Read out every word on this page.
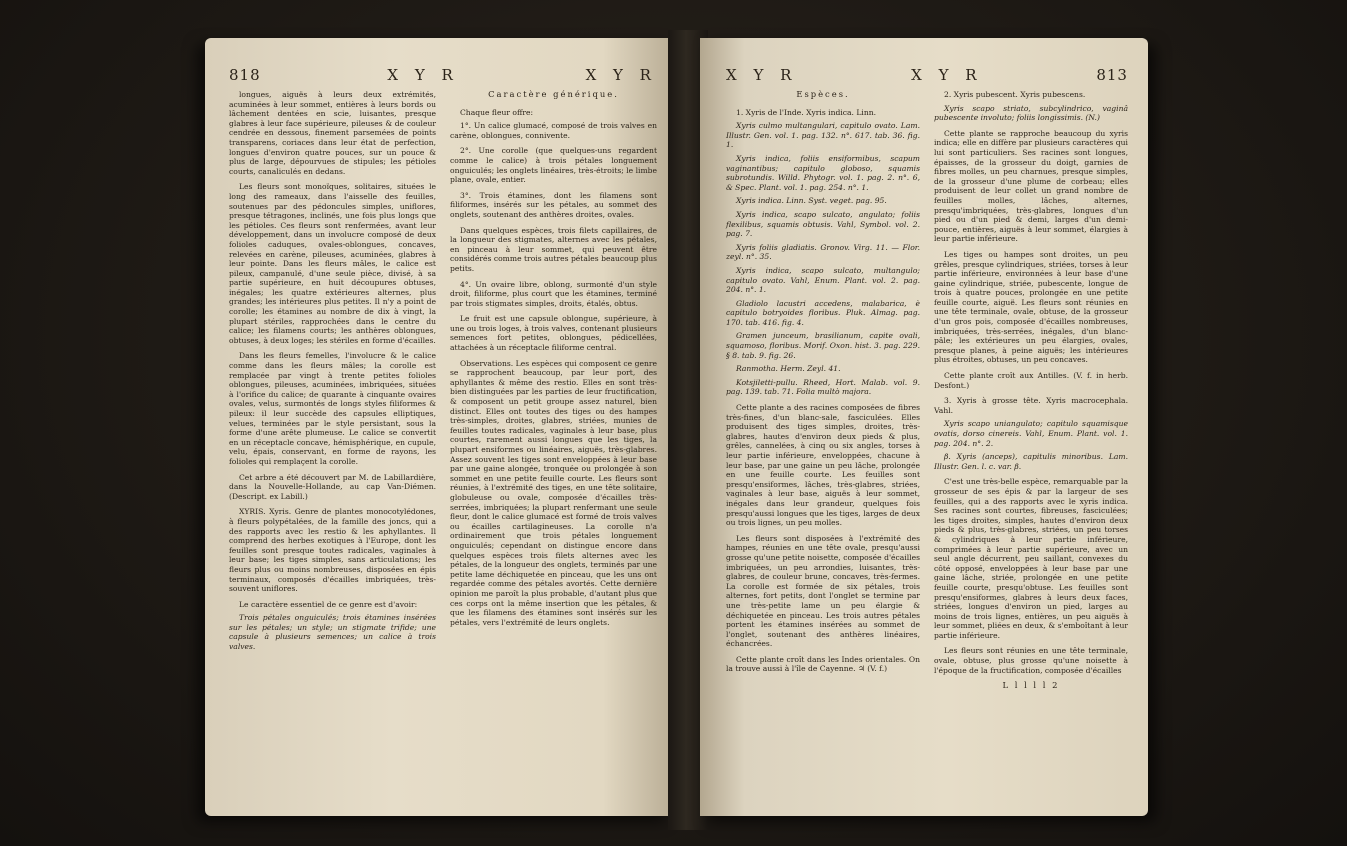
818	X Y R	X Y R

longues, aiguës à leurs deux extrémités, acuminées à leur sommet, entières à leurs bords ou lâchement dentées en scie, luisantes, presque glabres à leur face supérieure, pileuses & de couleur cendrée en dessous, finement parsemées de points transparens, coriaces dans leur état de perfection, longues d'environ quatre pouces, sur un pouce & plus de large, dépourvues de stipules; les pétioles courts, canaliculés en dedans.

Les fleurs sont monoïques, solitaires, situées le long des rameaux, dans l'aisselle des feuilles, soutenues par des pédoncules simples, uniflores, presque tétragones, inclinés, une fois plus longs que les pétioles. Ces fleurs sont renfermées, avant leur développement, dans un involucre composé de deux folioles caduques, ovales-oblongues, concaves, relevées en carène, pileuses, acuminées, glabres à leur pointe. Dans les fleurs mâles, le calice est pileux, campanulé, d'une seule pièce, divisé, à sa partie supérieure, en huit découpures obtuses, inégales; les quatre extérieures alternes, plus grandes; les intérieures plus petites. Il n'y a point de corolle; les étamines au nombre de dix à vingt, la plupart stériles, rapprochées dans le centre du calice; les filamens courts; les anthères oblongues, obtuses, à deux loges; les stériles en forme d'écailles.

Dans les fleurs femelles, l'involucre & le calice comme dans les fleurs mâles; la corolle est remplacée par vingt à trente petites folioles oblongues, pileuses, acuminées, imbriquées, situées à l'orifice du calice; de quarante à cinquante ovaires ovales, velus, surmontés de longs styles filiformes & pileux: il leur succède des capsules elliptiques, velues, terminées par le style persistant, sous la forme d'une arête plumeuse. Le calice se convertit en un réceptacle concave, hémisphérique, en cupule, velu, épais, conservant, en forme de rayons, les folioles qui remplaçent la corolle.

Cet arbre a été découvert par M. de Labillardière, dans la Nouvelle-Hollande, au cap Van-Diémen. (Descript. ex Labill.)

XYRIS. Xyris. Genre de plantes monocotylédones, à fleurs polypétalées, de la famille des joncs, qui a des rapports avec les restio & les aphyllantes. Il comprend des herbes exotiques à l'Europe, dont les feuilles sont presque toutes radicales, vaginales à leur base; les tiges simples, sans articulations; les fleurs plus ou moins nombreuses, disposées en épis terminaux, composés d'écailles imbriquées, très-souvent uniflores.

Le caractère essentiel de ce genre est d'avoir:

Trois pétales onguiculés; trois étamines insérées sur les pétales; un style; un stigmate trifide; une capsule à plusieurs semences; un calice à trois valves.

Caractère générique.

Chaque fleur offre:

1°. Un calice glumacé, composé de trois valves en carène, oblongues, connivente.

2°. Une corolle (que quelques-uns regardent comme le calice) à trois pétales longuement onguiculés; les onglets linéaires, très-étroits; le limbe plane, ovale, entier.

3°. Trois étamines, dont les filamens sont filiformes, insérés sur les pétales, au sommet des onglets, soutenant des anthères droites, ovales.

Dans quelques espèces, trois filets capillaires, de la longueur des stigmates, alternes avec les pétales, en pinceau à leur sommet, qui peuvent être considérés comme trois autres pétales beaucoup plus petits.

4°. Un ovaire libre, oblong, surmonté d'un style droit, filiforme, plus court que les étamines, terminé par trois stigmates simples, droits, étalés, obtus.

Le fruit est une capsule oblongue, supérieure, à une ou trois loges, à trois valves, contenant plusieurs semences fort petites, oblongues, pédicellées, attachées à un réceptacle filiforme central.

Observations. Les espèces qui composent ce genre se rapprochent beaucoup, par leur port, des aphyllantes & même des restio. Elles en sont très-bien distinguées par les parties de leur fructification, & composent un petit groupe assez naturel, bien distinct. Elles ont toutes des tiges ou des hampes très-simples, droites, glabres, striées, munies de feuilles toutes radicales, vaginales à leur base, plus courtes, rarement aussi longues que les tiges, la plupart ensiformes ou linéaires, aiguës, très-glabres. Assez souvent les tiges sont enveloppées à leur base par une gaine alongée, tronquée ou prolongée à son sommet en une petite feuille courte. Les fleurs sont réunies, à l'extrémité des tiges, en une tête solitaire, globuleuse ou ovale, composée d'écailles très-serrées, imbriquées; la plupart renfermant une seule fleur, dont le calice glumacé est formé de trois valves ou écailles cartilagineuses. La corolle n'a ordinairement que trois pétales longuement onguiculés; cependant on distingue encore dans quelques espèces trois filets alternes avec les pétales, de la longueur des onglets, terminés par une petite lame déchiquetée en pinceau, que les uns ont regardée comme des pétales avortés. Cette dernière opinion me paroît la plus probable, d'autant plus que ces corps ont la même insertion que les pétales, & que les filamens des étamines sont insérés sur les pétales, vers l'extrémité de leurs onglets.

X Y R	X Y R	813

Espèces.

1. Xyris de l'Inde. Xyris indica. Linn.

Xyris culmo multangulari, capitulo ovato. Lam. Illustr. Gen. vol. 1. pag. 132. n°. 617. tab. 36. fig. 1.

Xyris indica, foliis ensiformibus, scapum vaginantibus; capitulo globoso, squamis subrotundis. Willd. Phytogr. vol. 1. pag. 2. n°. 6, & Spec. Plant. vol. 1. pag. 254. n°. 1.

Xyris indica. Linn. Syst. veget. pag. 95.

Xyris indica, scapo sulcato, angulato; foliis flexilibus, squamis obtusis. Vahl, Symbol. vol. 2. pag. 7.

Xyris foliis gladiatis. Gronov. Virg. 11. — Flor. zeyl. n°. 35.

Xyris indica, scapo sulcato, multangulo; capitulo ovato. Vahl, Enum. Plant. vol. 2. pag. 204. n°. 1.

Gladiolo lacustri accedens, malabarica, è capitulo botryoides floribus. Pluk. Almag. pag. 170. tab. 416. fig. 4.

Gramen junceum, brasilianum, capite ovali, squamoso, floribus. Morif. Oxon. hist. 3. pag. 229. § 8. tab. 9. fig. 26.

Ranmotha. Herm. Zeyl. 41.

Kotsjiletti-pullu. Rheed, Hort. Malab. vol. 9. pag. 139. tab. 71. Folia multò majora.

Cette plante a des racines composées de fibres très-fines, d'un blanc-sale, fasciculées. Elles produisent des tiges simples, droites, très-glabres, hautes d'environ deux pieds & plus, grêles, cannelées, à cinq ou six angles, torses à leur partie inférieure, enveloppées, chacune à leur base, par une gaine un peu lâche, prolongée en une feuille courte. Les feuilles sont presqu'ensiformes, lâches, très-glabres, striées, vaginales à leur base, aiguës à leur sommet, inégales dans leur grandeur, quelques fois presqu'aussi longues que les tiges, larges de deux ou trois lignes, un peu molles.

Les fleurs sont disposées à l'extrémité des hampes, réunies en une tête ovale, presqu'aussi grosse qu'une petite noisette, composée d'écailles imbriquées, un peu arrondies, luisantes, très-glabres, de couleur brune, concaves, très-fermes. La corolle est formée de six pétales, trois alternes, fort petits, dont l'onglet se termine par une très-petite lame un peu élargie & déchiquetée en pinceau. Les trois autres pétales portent les étamines insérées au sommet de l'onglet, soutenant des anthères linéaires, échancrées.

Cette plante croît dans les Indes orientales. On la trouve aussi à l'île de Cayenne. ♃ (V. f.)

2. Xyris pubescent. Xyris pubescens.

Xyris scapo striato, subcylindrico, vaginâ pubescente involuto; foliis longissimis. (N.)

Cette plante se rapproche beaucoup du xyris indica; elle en diffère par plusieurs caractères qui lui sont particuliers. Ses racines sont longues, épaisses, de la grosseur du doigt, garnies de fibres molles, un peu charnues, presque simples, de la grosseur d'une plume de corbeau; elles produisent de leur collet un grand nombre de feuilles molles, lâches, alternes, presqu'imbriquées, très-glabres, longues d'un pied ou d'un pied & demi, larges d'un demi-pouce, entières, aiguës à leur sommet, élargies à leur partie inférieure.

Les tiges ou hampes sont droites, un peu grêles, presque cylindriques, striées, torses à leur partie inférieure, environnées à leur base d'une gaine cylindrique, striée, pubescente, longue de trois à quatre pouces, prolongée en une petite feuille courte, aiguë. Les fleurs sont réunies en une tête terminale, ovale, obtuse, de la grosseur d'un gros pois, composée d'écailles nombreuses, imbriquées, très-serrées, inégales, d'un blanc-pâle; les extérieures un peu élargies, ovales, presque planes, à peine aiguës; les intérieures plus étroites, obtuses, un peu concaves.

Cette plante croît aux Antilles. (V. f. in herb. Desfont.)

3. Xyris à grosse tête. Xyris macrocephala. Vahl.

Xyris scapo uniangulato; capitulo squamisque ovatis, dorso cinereis. Vahl, Enum. Plant. vol. 1. pag. 204. n°. 2.

β. Xyris (anceps), capitulis minoribus. Lam. Illustr. Gen. l. c. var. β.

C'est une très-belle espèce, remarquable par la grosseur de ses épis & par la largeur de ses feuilles, qui a des rapports avec le xyris indica. Ses racines sont courtes, fibreuses, fasciculées; les tiges droites, simples, hautes d'environ deux pieds & plus, très-glabres, striées, un peu torses & cylindriques à leur partie inférieure, comprimées à leur partie supérieure, avec un seul angle décurrent, peu saillant, convexes du côté opposé, enveloppées à leur base par une gaine lâche, striée, prolongée en une petite feuille courte, presqu'obtuse. Les feuilles sont presqu'ensiformes, glabres à leurs deux faces, striées, longues d'environ un pied, larges au moins de trois lignes, entières, un peu aiguës à leur sommet, pliées en deux, & s'emboîtant à leur partie inférieure.

Les fleurs sont réunies en une tête terminale, ovale, obtuse, plus grosse qu'une noisette à l'époque de la fructification, composée d'écailles

L l l l l 2
